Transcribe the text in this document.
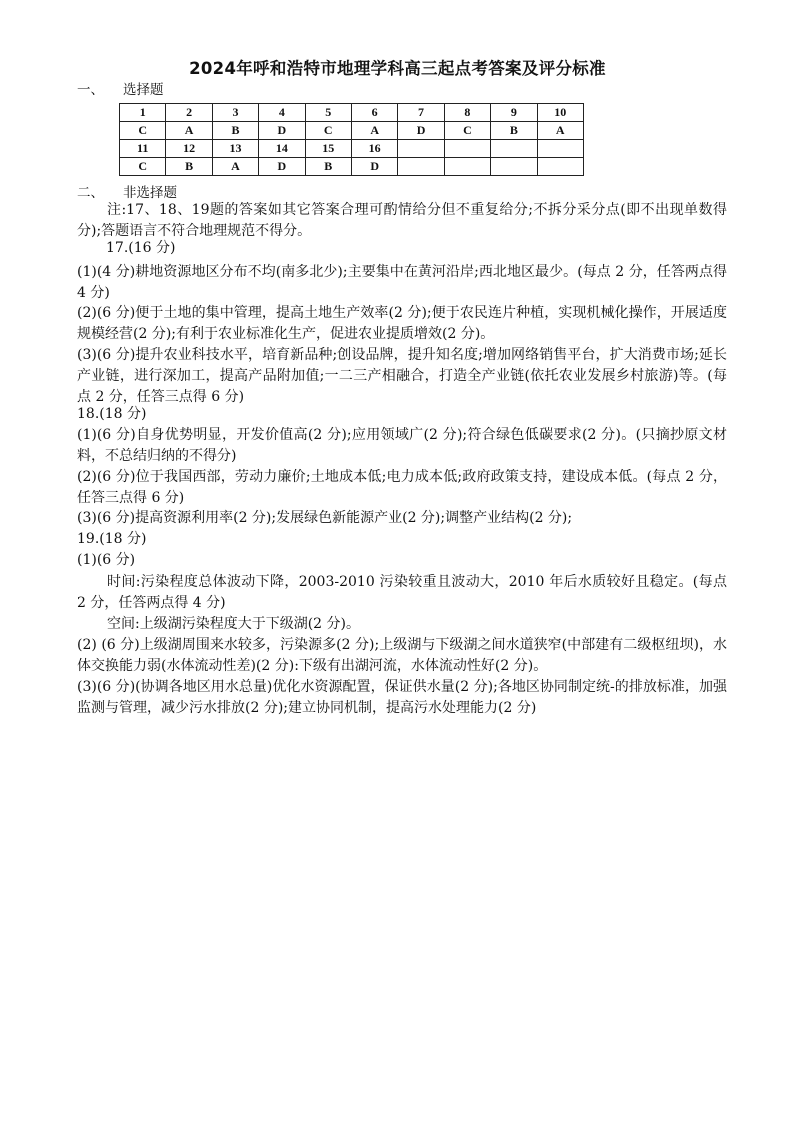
2024年呼和浩特市地理学科高三起点考答案及评分标准
一、 选择题
1	2	3	4	5	6	7	8	9	10
C	A	B	D	C	A	D	C	B	A
11	12	13	14	15	16				
C	B	A	D	B	D				
二、 非选择题
注:17、18、19题的答案如其它答案合理可酌情给分但不重复给分;不拆分采分点(即不出现单数得分);答题语言不符合地理规范不得分。
17.(16 分)
(1)(4 分)耕地资源地区分布不均(南多北少);主要集中在黄河沿岸;西北地区最少。(每点 2 分，任答两点得 4 分)
(2)(6 分)便于土地的集中管理，提高土地生产效率(2 分);便于农民连片种植，实现机械化操作，开展适度规模经营(2 分);有利于农业标准化生产，促进农业提质增效(2 分)。
(3)(6 分)提升农业科技水平，培育新品种;创设品牌，提升知名度;增加网络销售平台，扩大消费市场;延长产业链，进行深加工，提高产品附加值;一二三产相融合，打造全产业链(依托农业发展乡村旅游)等。(每点 2 分，任答三点得 6 分)
18.(18 分)
(1)(6 分)自身优势明显，开发价值高(2 分);应用领域广(2 分);符合绿色低碳要求(2 分)。(只摘抄原文材料，不总结归纳的不得分)
(2)(6 分)位于我国西部，劳动力廉价;土地成本低;电力成本低;政府政策支持，建设成本低。(每点 2 分，任答三点得 6 分)
(3)(6 分)提高资源利用率(2 分);发展绿色新能源产业(2 分);调整产业结构(2 分);
19.(18 分)
(1)(6 分)
时间:污染程度总体波动下降，2003-2010 污染较重且波动大，2010 年后水质较好且稳定。(每点 2 分，任答两点得 4 分)
空间:上级湖污染程度大于下级湖(2 分)。
(2) (6 分)上级湖周围来水较多，污染源多(2 分);上级湖与下级湖之间水道狭窄(中部建有二级枢纽坝)，水体交换能力弱(水体流动性差)(2 分):下级有出湖河流，水体流动性好(2 分)。
(3)(6 分)(协调各地区用水总量)优化水资源配置，保证供水量(2 分);各地区协同制定统-的排放标准，加强监测与管理，减少污水排放(2 分);建立协同机制，提高污水处理能力(2 分)
